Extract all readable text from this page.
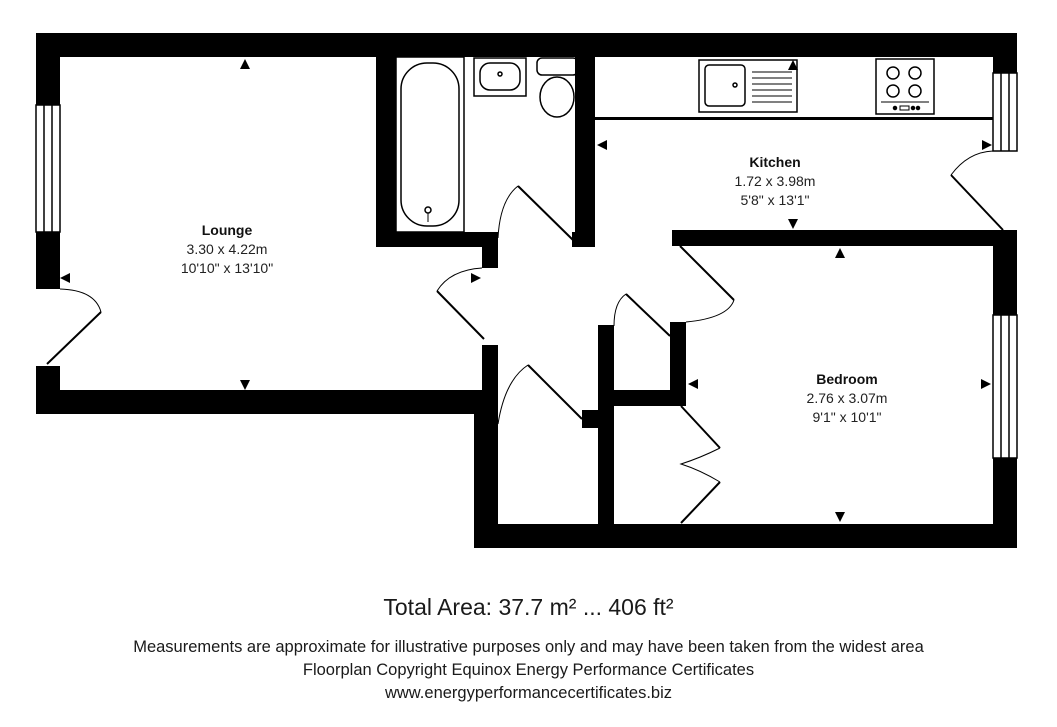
Lounge
3.30 x 4.22m
10'10" x 13'10"
Kitchen
1.72 x 3.98m
5'8" x 13'1"
Bedroom
2.76 x 3.07m
9'1" x 10'1"
Total Area: 37.7 m² ... 406 ft²
Measurements are approximate for illustrative purposes only and may have been taken from the widest area
Floorplan Copyright Equinox Energy Performance Certificates
www.energyperformancecertificates.biz
